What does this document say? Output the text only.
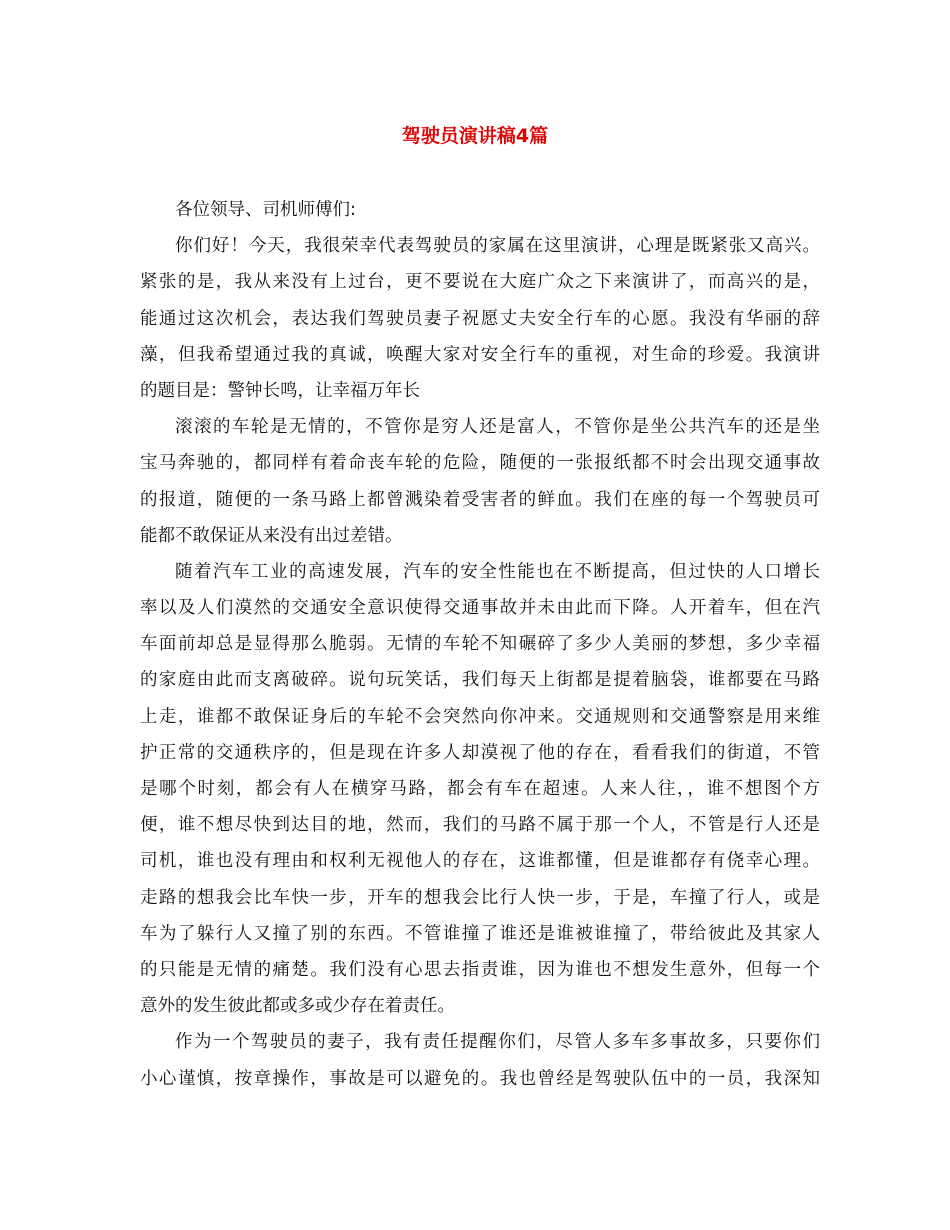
驾驶员演讲稿4篇
各位领导、司机师傅们:
你们好！今天，我很荣幸代表驾驶员的家属在这里演讲，心理是既紧张又高兴。
紧张的是，我从来没有上过台，更不要说在大庭广众之下来演讲了，而高兴的是，
能通过这次机会，表达我们驾驶员妻子祝愿丈夫安全行车的心愿。我没有华丽的辞
藻，但我希望通过我的真诚，唤醒大家对安全行车的重视，对生命的珍爱。我演讲
的题目是：警钟长鸣，让幸福万年长
滚滚的车轮是无情的，不管你是穷人还是富人，不管你是坐公共汽车的还是坐
宝马奔驰的，都同样有着命丧车轮的危险，随便的一张报纸都不时会出现交通事故
的报道，随便的一条马路上都曾溅染着受害者的鲜血。我们在座的每一个驾驶员可
能都不敢保证从来没有出过差错。
随着汽车工业的高速发展，汽车的安全性能也在不断提高，但过快的人口增长
率以及人们漠然的交通安全意识使得交通事故并未由此而下降。人开着车，但在汽
车面前却总是显得那么脆弱。无情的车轮不知碾碎了多少人美丽的梦想，多少幸福
的家庭由此而支离破碎。说句玩笑话，我们每天上街都是提着脑袋，谁都要在马路
上走，谁都不敢保证身后的车轮不会突然向你冲来。交通规则和交通警察是用来维
护正常的交通秩序的，但是现在许多人却漠视了他的存在，看看我们的街道，不管
是哪个时刻，都会有人在横穿马路，都会有车在超速。人来人往，，谁不想图个方
便，谁不想尽快到达目的地，然而，我们的马路不属于那一个人，不管是行人还是
司机，谁也没有理由和权利无视他人的存在，这谁都懂，但是谁都存有侥幸心理。
走路的想我会比车快一步，开车的想我会比行人快一步，于是，车撞了行人，或是
车为了躲行人又撞了别的东西。不管谁撞了谁还是谁被谁撞了，带给彼此及其家人
的只能是无情的痛楚。我们没有心思去指责谁，因为谁也不想发生意外，但每一个
意外的发生彼此都或多或少存在着责任。
作为一个驾驶员的妻子，我有责任提醒你们，尽管人多车多事故多，只要你们
小心谨慎，按章操作，事故是可以避免的。我也曾经是驾驶队伍中的一员，我深知
